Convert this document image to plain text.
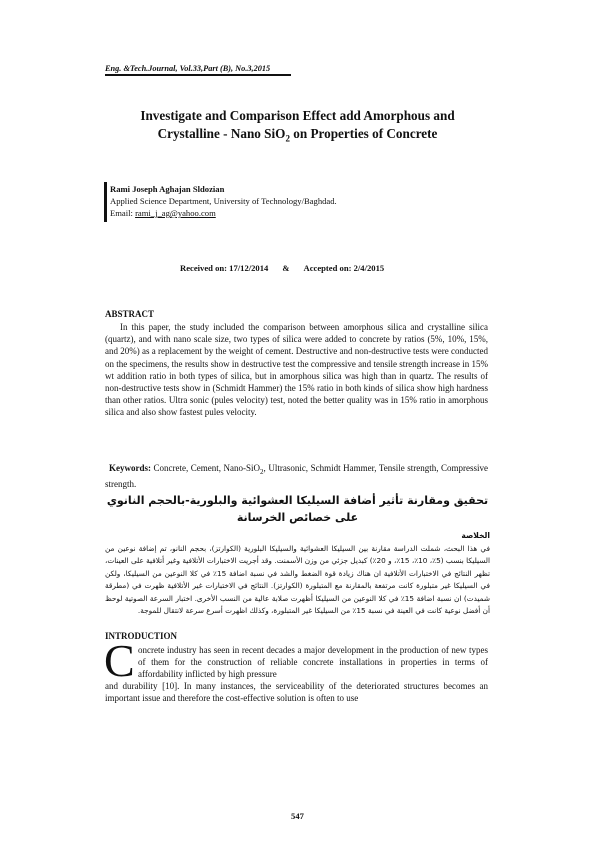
Eng. &Tech.Journal, Vol.33,Part (B), No.3,2015
Investigate and Comparison Effect add Amorphous and
Crystalline - Nano SiO$_2$ on Properties of Concrete
Rami Joseph Aghajan Sldozian
Applied Science Department, University of Technology/Baghdad.
Email: rami_j_ag@yahoo.com
Received on: 17/12/2014 & Accepted on: 2/4/2015
ABSTRACT
In this paper, the study included the comparison between amorphous silica and crystalline silica (quartz), and with nano scale size, two types of silica were added to concrete by ratios (5%, 10%, 15%, and 20%) as a replacement by the weight of cement. Destructive and non-destructive tests were conducted on the specimens, the results show in destructive test the compressive and tensile strength increase in 15% wt addition ratio in both types of silica, but in amorphous silica was high than in quartz. The results of non-destructive tests show in (Schmidt Hammer) the 15% ratio in both kinds of silica show high hardness than other ratios. Ultra sonic (pules velocity) test, noted the better quality was in 15% ratio in amorphous silica and also show fastest pules velocity.
Keywords: Concrete, Cement, Nano-SiO$_2$, Ultrasonic, Schmidt Hammer, Tensile strength, Compressive strength.
تحقيق ومقارنة تأثير أضافة السيليكا العشوائية والبلورية-بالحجم النانوي على خصائص الخرسانة
الخلاصة
في هذا البحث، شملت الدراسة مقارنة بين السيليكا العشوائية والسيليكا البلورية (الكوارتز)، بحجم النانو، تم إضافة نوعين من السيليكا بنسب (5٪، 10٪، 15٪، و 20٪) كبديل جزئي من وزن الأسمنت. وقد أجريت الاختبارات الأتلافية وغير أتلافية على العينات، تظهر النتائج في الاختبارات الأتلافية ان هناك زيادة قوة الضغط والشد في نسبة اضافة 15٪ في كلا النوعين من السيليكا، ولكن في السيليكا غير متبلورة كانت مرتفعة بالمقارنة مع المتبلورة (الكوارتز). النتائج في الاختبارات غير الأتلافية ظهرت في (مطرقة شميدت) ان نسبة اضافة 15٪ في كلا النوعين من السيليكا أظهرت صلابة عالية من النسب الأخرى. اختبار السرعة الصوتية لوحظ أن أفضل نوعية كانت في العينة في نسبة 15٪ من السيليكا غير المتبلورة، وكذلك اظهرت أسرع سرعة لانتقال للموجة.
INTRODUCTION
C oncrete industry has seen in recent decades a major development in the production of new types of them for the construction of reliable concrete installations in properties in terms of affordability inflicted by high pressure
and durability [10]. In many instances, the serviceability of the deteriorated structures becomes an important issue and therefore the cost-effective solution is often to use
547
